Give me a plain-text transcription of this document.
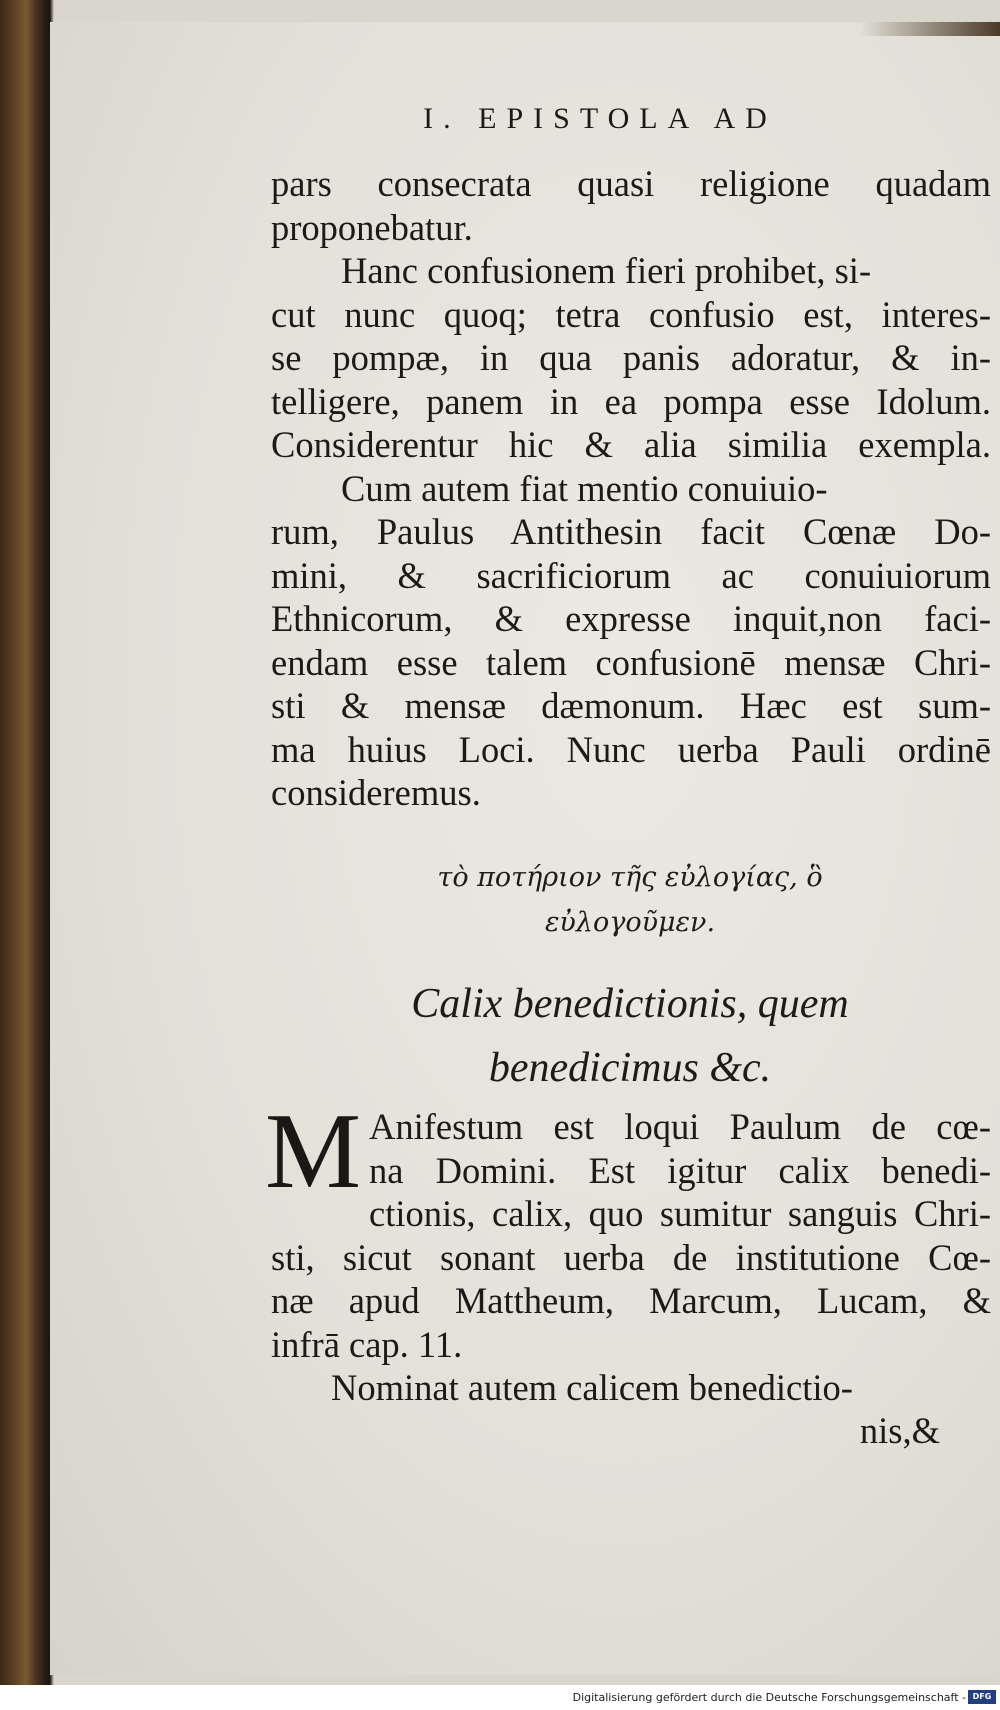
I. EPISTOLA AD
pars consecrata quasi religione quadam
proponebatur.
Hanc confusionem fieri prohibet, si-
cut nunc quoq; tetra confusio est, interes-
se pompæ, in qua panis adoratur, & in-
telligere, panem in ea pompa esse Idolum.
Considerentur hic & alia similia exempla.
Cum autem fiat mentio conuiuio-
rum, Paulus Antithesin facit Cœnæ Do-
mini, & sacrificiorum ac conuiuiorum
Ethnicorum, & expresse inquit,non faci-
endam esse talem confusionē mensæ Chri-
sti & mensæ dæmonum. Hæc est sum-
ma huius Loci. Nunc uerba Pauli ordinē
consideremus.
τὸ ποτήριον τῆς εὐλογίας, ὃ
εὐλογοῦμεν.
Calix benedictionis, quem
benedicimus &c.
M Anifestum est loqui Paulum de cœ-
na Domini. Est igitur calix benedi-
ctionis, calix, quo sumitur sanguis Chri-
sti, sicut sonant uerba de institutione Cœ-
næ apud Mattheum, Marcum, Lucam, &
infrā cap. 11.
Nominat autem calicem benedictio-
nis,&
Digitalisierung gefördert durch die Deutsche Forschungsgemeinschaft - DFG
